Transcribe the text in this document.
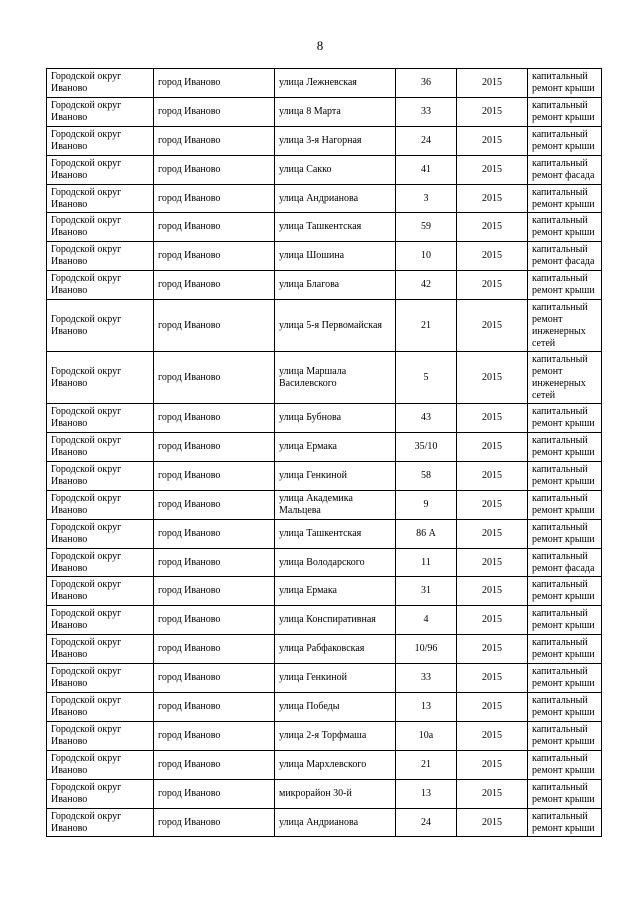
8
Городской округ Иваново	город Иваново	улица Лежневская	36	2015	капитальный ремонт крыши
Городской округ Иваново	город Иваново	улица 8 Марта	33	2015	капитальный ремонт крыши
Городской округ Иваново	город Иваново	улица 3-я Нагорная	24	2015	капитальный ремонт крыши
Городской округ Иваново	город Иваново	улица Сакко	41	2015	капитальный ремонт фасада
Городской округ Иваново	город Иваново	улица Андрианова	3	2015	капитальный ремонт крыши
Городской округ Иваново	город Иваново	улица Ташкентская	59	2015	капитальный ремонт крыши
Городской округ Иваново	город Иваново	улица Шошина	10	2015	капитальный ремонт фасада
Городской округ Иваново	город Иваново	улица Благова	42	2015	капитальный ремонт крыши
Городской округ Иваново	город Иваново	улица 5-я Первомайская	21	2015	капитальный ремонт инженерных сетей
Городской округ Иваново	город Иваново	улица Маршала Василевского	5	2015	капитальный ремонт инженерных сетей
Городской округ Иваново	город Иваново	улица Бубнова	43	2015	капитальный ремонт крыши
Городской округ Иваново	город Иваново	улица Ермака	35/10	2015	капитальный ремонт крыши
Городской округ Иваново	город Иваново	улица Генкиной	58	2015	капитальный ремонт крыши
Городской округ Иваново	город Иваново	улица Академика Мальцева	9	2015	капитальный ремонт крыши
Городской округ Иваново	город Иваново	улица Ташкентская	86 А	2015	капитальный ремонт крыши
Городской округ Иваново	город Иваново	улица Володарского	11	2015	капитальный ремонт фасада
Городской округ Иваново	город Иваново	улица Ермака	31	2015	капитальный ремонт крыши
Городской округ Иваново	город Иваново	улица Конспиративная	4	2015	капитальный ремонт крыши
Городской округ Иваново	город Иваново	улица Рабфаковская	10/96	2015	капитальный ремонт крыши
Городской округ Иваново	город Иваново	улица Генкиной	33	2015	капитальный ремонт крыши
Городской округ Иваново	город Иваново	улица Победы	13	2015	капитальный ремонт крыши
Городской округ Иваново	город Иваново	улица 2-я Торфмаша	10а	2015	капитальный ремонт крыши
Городской округ Иваново	город Иваново	улица Мархлевского	21	2015	капитальный ремонт крыши
Городской округ Иваново	город Иваново	микрорайон 30-й	13	2015	капитальный ремонт крыши
Городской округ Иваново	город Иваново	улица Андрианова	24	2015	капитальный ремонт крыши
